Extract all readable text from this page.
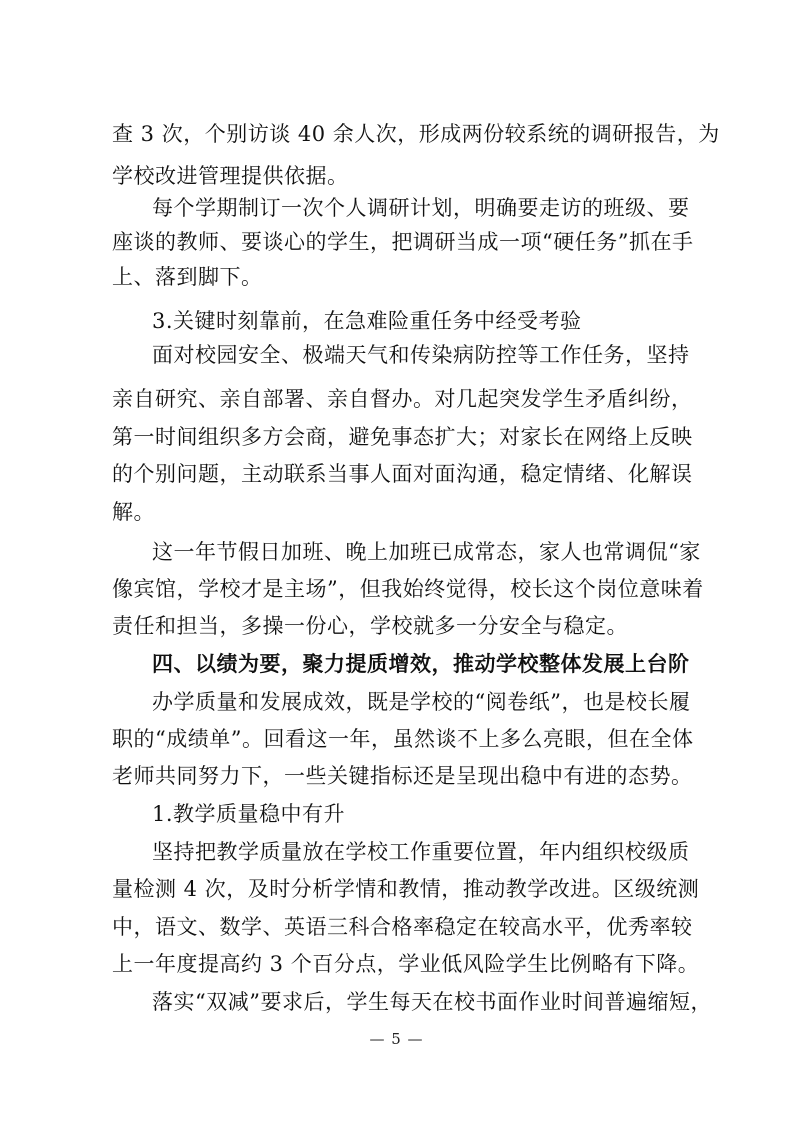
查 3 次，个别访谈 40 余人次，形成两份较系统的调研报告，为
学校改进管理提供依据。
每个学期制订一次个人调研计划，明确要走访的班级、要
座谈的教师、要谈心的学生，把调研当成一项“硬任务”抓在手
上、落到脚下。
3.关键时刻靠前，在急难险重任务中经受考验
面对校园安全、极端天气和传染病防控等工作任务，坚持
亲自研究、亲自部署、亲自督办。对几起突发学生矛盾纠纷，
第一时间组织多方会商，避免事态扩大；对家长在网络上反映
的个别问题，主动联系当事人面对面沟通，稳定情绪、化解误
解。
这一年节假日加班、晚上加班已成常态，家人也常调侃“家
像宾馆，学校才是主场”，但我始终觉得，校长这个岗位意味着
责任和担当，多操一份心，学校就多一分安全与稳定。
四、以绩为要，聚力提质增效，推动学校整体发展上台阶
办学质量和发展成效，既是学校的“阅卷纸”，也是校长履
职的“成绩单”。回看这一年，虽然谈不上多么亮眼，但在全体
老师共同努力下，一些关键指标还是呈现出稳中有进的态势。
1.教学质量稳中有升
坚持把教学质量放在学校工作重要位置，年内组织校级质
量检测 4 次，及时分析学情和教情，推动教学改进。区级统测
中，语文、数学、英语三科合格率稳定在较高水平，优秀率较
上一年度提高约 3 个百分点，学业低风险学生比例略有下降。
落实“双减”要求后，学生每天在校书面作业时间普遍缩短，
— 5 —
